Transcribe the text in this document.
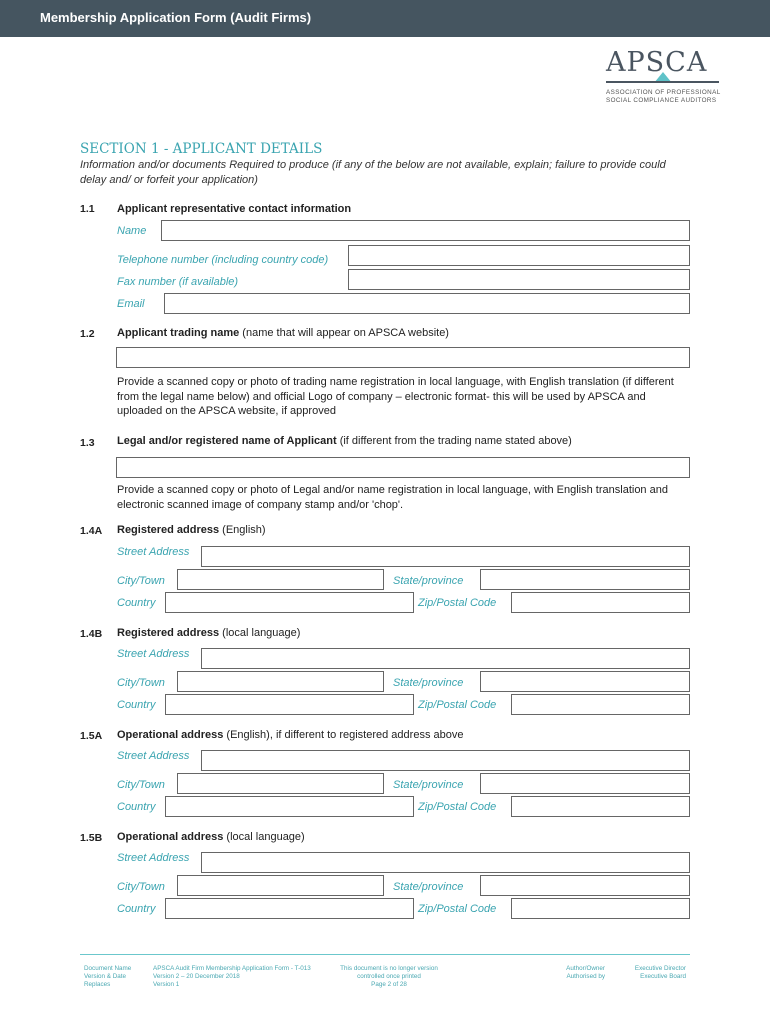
Membership Application Form (Audit Firms)
APSCA
ASSOCIATION OF PROFESSIONAL
SOCIAL COMPLIANCE AUDITORS
SECTION 1 - APPLICANT DETAILS
Information and/or documents Required to produce (if any of the below are not available, explain; failure to provide could delay and/ or forfeit your application)
1.1 Applicant representative contact information
Name
Telephone number (including country code)
Fax number (if available)
Email
1.2 Applicant trading name (name that will appear on APSCA website)
Provide a scanned copy or photo of trading name registration in local language, with English translation (if different from the legal name below) and official Logo of company – electronic format- this will be used by APSCA and uploaded on the APSCA website, if approved
1.3 Legal and/or registered name of Applicant (if different from the trading name stated above)
Provide a scanned copy or photo of Legal and/or name registration in local language, with English translation and electronic scanned image of company stamp and/or 'chop'.
1.4A Registered address (English)
Street Address
City/Town	State/province
Country	Zip/Postal Code
1.4B Registered address (local language)
Street Address
City/Town	State/province
Country	Zip/Postal Code
1.5A Operational address (English), if different to registered address above
Street Address
City/Town	State/province
Country	Zip/Postal Code
1.5B Operational address (local language)
Street Address
City/Town	State/province
Country	Zip/Postal Code
Document Name
Version & Date
Replaces
APSCA Audit Firm Membership Application Form - T-013
Version 2 – 20 December 2018
Version 1
This document is no longer version
controlled once printed
Page 2 of 28
Author/Owner
Authorised by
Executive Director
Executive Board
